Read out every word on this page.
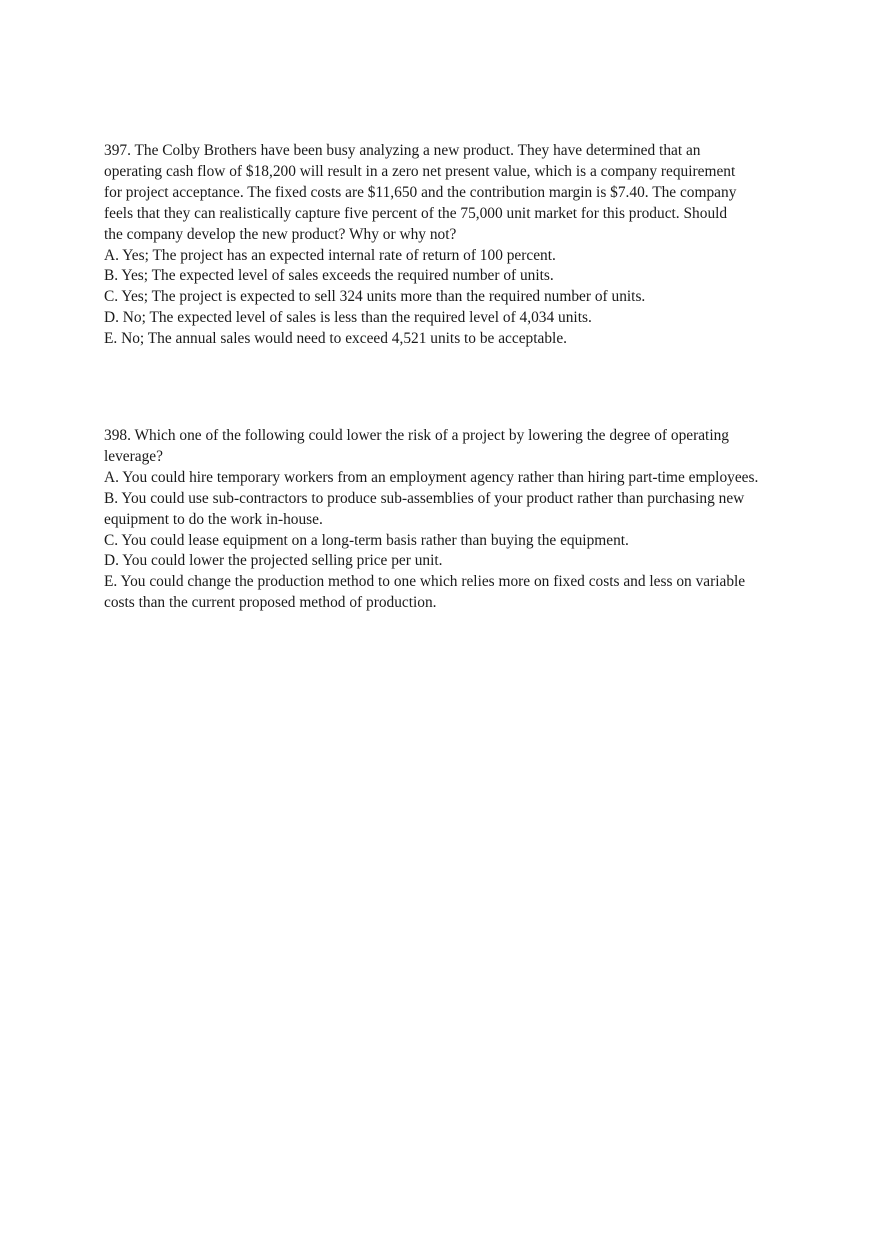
397. The Colby Brothers have been busy analyzing a new product. They have determined that an
operating cash flow of $18,200 will result in a zero net present value, which is a company requirement
for project acceptance. The fixed costs are $11,650 and the contribution margin is $7.40. The company
feels that they can realistically capture five percent of the 75,000 unit market for this product. Should
the company develop the new product? Why or why not?
A. Yes; The project has an expected internal rate of return of 100 percent.
B. Yes; The expected level of sales exceeds the required number of units.
C. Yes; The project is expected to sell 324 units more than the required number of units.
D. No; The expected level of sales is less than the required level of 4,034 units.
E. No; The annual sales would need to exceed 4,521 units to be acceptable.
398. Which one of the following could lower the risk of a project by lowering the degree of operating
leverage?
A. You could hire temporary workers from an employment agency rather than hiring part-time employees.
B. You could use sub-contractors to produce sub-assemblies of your product rather than purchasing new equipment to do the work in-house.
C. You could lease equipment on a long-term basis rather than buying the equipment.
D. You could lower the projected selling price per unit.
E. You could change the production method to one which relies more on fixed costs and less on variable costs than the current proposed method of production.
